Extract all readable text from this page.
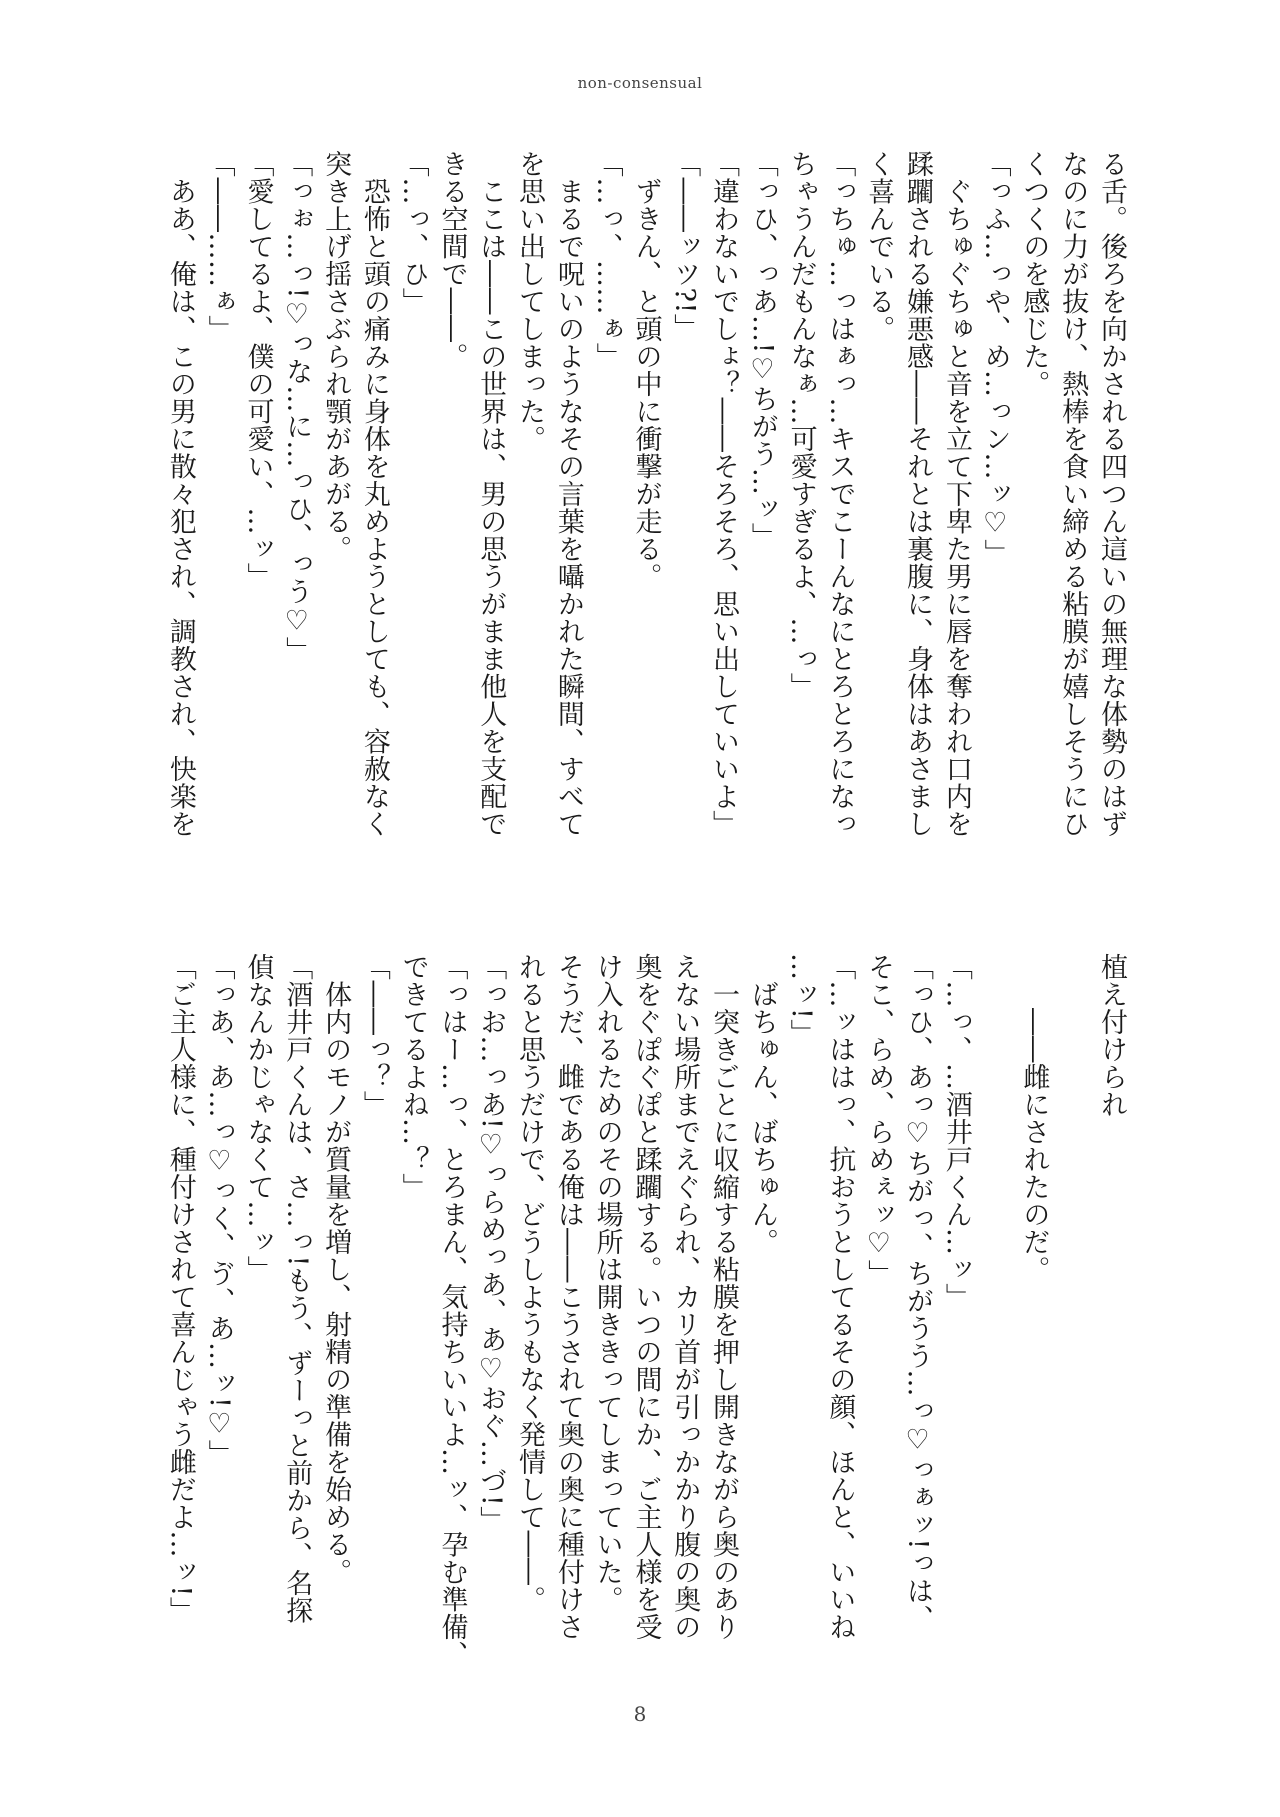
non-consensual
る舌。後ろを向かされる四つん這いの無理な体勢のはず
なのに力が抜け、熱棒を食い締める粘膜が嬉しそうにひ
くつくのを感じた。
「っふ…っや、め…っン…ッ♡」
　ぐちゅぐちゅと音を立て下卑た男に唇を奪われ口内を
蹂躙される嫌悪感――それとは裏腹に、身体はあさまし
く喜んでいる。
「っちゅ…っはぁっ…キスでこーんなにとろとろになっ
ちゃうんだもんなぁ…可愛すぎるよ、…っ」
「っひ、っあ…!♡ちがう…ッ」
「違わないでしょ？――そろそろ、思い出していいよ」
「――ッツ?!」
　ずきん、と頭の中に衝撃が走る。
「…っ、……ぁ」
　まるで呪いのようなその言葉を囁かれた瞬間、すべて
を思い出してしまった。
　ここは――この世界は、男の思うがまま他人を支配で
きる空間で――。
「…っ、ひ」
　恐怖と頭の痛みに身体を丸めようとしても、容赦なく
突き上げ揺さぶられ顎があがる。
「っぉ…っ!♡っな…に…っひ、っう♡」
「愛してるよ、僕の可愛い、…ッ」
「――……ぁ」
　ああ、俺は、この男に散々犯され、調教され、快楽を
植え付けられ

　　――雌にされたのだ。

「…っ、…酒井戸くん…ッ」
「っひ、あっ♡ちがっ、ちがうう…っ♡っぁッ!っは、
そこ、らめ、らめぇッ♡」
「…ッははっ、抗おうとしてるその顔、ほんと、いいね
…ッ!」
　ばちゅん、ばちゅん。
　一突きごとに収縮する粘膜を押し開きながら奥のあり
えない場所までえぐられ、カリ首が引っかかり腹の奥の
奥をぐぽぐぽと蹂躙する。いつの間にか、ご主人様を受
け入れるためのその場所は開ききってしまっていた。
そうだ、雌である俺は――こうされて奥の奥に種付けさ
れると思うだけで、どうしようもなく発情して――。
「っお…っあ!♡っらめっあ、あ♡おぐ…づ!」
「っはー…っ、とろまん、気持ちいいよ…ッ、孕む準備、
できてるよね…？」
「――っ？」
　体内のモノが質量を増し、射精の準備を始める。
「酒井戸くんは、さ…っ!もう、ずーっと前から、名探
偵なんかじゃなくて…ッ」
「っあ、あ…っ♡っく、ゔ、あ…ッ!♡」
「ご主人様に、種付けされて喜んじゃう雌だよ…ッ!」
8
